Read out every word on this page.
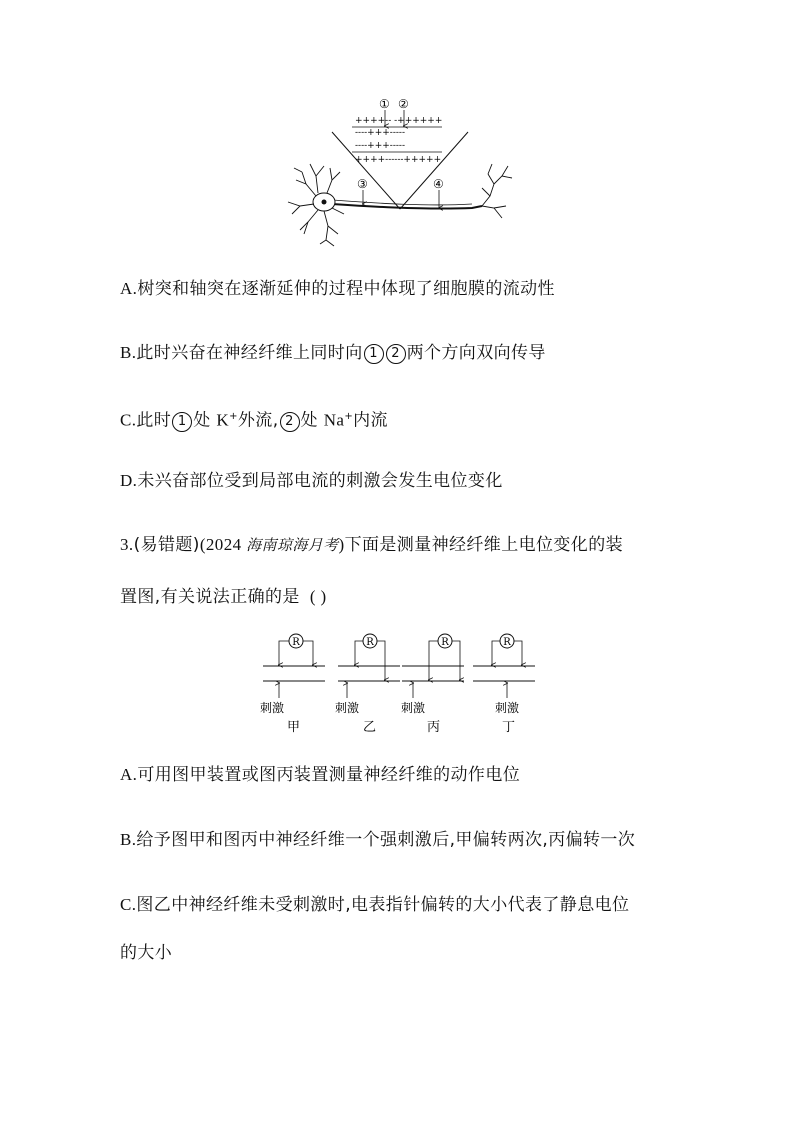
++++-- -++++++
----+++-----
----+++-----
++++------+++++
① ②
③	④
A.树突和轴突在逐渐延伸的过程中体现了细胞膜的流动性
B.此时兴奋在神经纤维上同时向 1 2 两个方向双向传导
C.此时 1 处 K+外流, 2 处 Na+内流
D.未兴奋部位受到局部电流的刺激会发生电位变化
3.(易错题)(2024 海南琼海月考)下面是测量神经纤维上电位变化的装
置图,有关说法正确的是 ( )
R
刺激
甲
R
刺激
乙
R
刺激
丙
R
刺激
丁
A.可用图甲装置或图丙装置测量神经纤维的动作电位
B.给予图甲和图丙中神经纤维一个强刺激后,甲偏转两次,丙偏转一次
C.图乙中神经纤维未受刺激时,电表指针偏转的大小代表了静息电位
的大小
